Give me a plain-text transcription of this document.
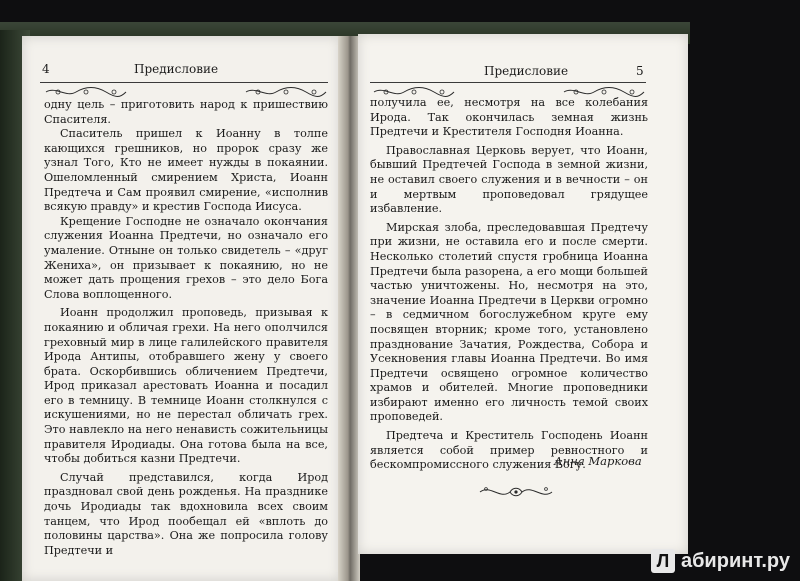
4	Предисловие

одну цель – приготовить народ к пришествию Спасителя.

Спаситель пришел к Иоанну в толпе кающихся грешников, но пророк сразу же узнал Того, Кто не имеет нужды в покаянии. Ошеломленный смирением Христа, Иоанн Предтеча и Сам проявил смирение, «исполнив всякую правду» и крестив Господа Иисуса.

Крещение Господне не означало окончания служения Иоанна Предтечи, но означало его умаление. Отныне он только свидетель – «друг Жениха», он призывает к покаянию, но не может дать прощения грехов – это дело Бога Слова воплощенного.

Иоанн продолжил проповедь, призывая к покаянию и обличая грехи. На него ополчился греховный мир в лице галилейского правителя Ирода Антипы, отобравшего жену у своего брата. Оскорбившись обличением Предтечи, Ирод приказал арестовать Иоанна и посадил его в темницу. В темнице Иоанн столкнулся с искушениями, но не перестал обличать грех. Это навлекло на него ненависть сожительницы правителя Иродиады. Она готова была на все, чтобы добиться казни Предтечи.

Случай представился, когда Ирод праздновал свой день рожденья. На празднике дочь Иродиады так вдохновила всех своим танцем, что Ирод пообещал ей «вплоть до половины царства». Она же попросила голову Предтечи и

Предисловие	5

получила ее, несмотря на все колебания Ирода. Так окончилась земная жизнь Предтечи и Крестителя Господня Иоанна.

Православная Церковь верует, что Иоанн, бывший Предтечей Господа в земной жизни, не оставил своего служения и в вечности – он и мертвым проповедовал грядущее избавление.

Мирская злоба, преследовавшая Предтечу при жизни, не оставила его и после смерти. Несколько столетий спустя гробница Иоанна Предтечи была разорена, а его мощи большей частью уничтожены. Но, несмотря на это, значение Иоанна Предтечи в Церкви огромно – в седмичном богослужебном круге ему посвящен вторник; кроме того, установлено празднование Зачатия, Рождества, Собора и Усекновения главы Иоанна Предтечи. Во имя Предтечи освящено огромное количество храмов и обителей. Многие проповедники избирают именно его личность темой своих проповедей.

Предтеча и Креститель Господень Иоанн является собой пример ревностного и бескомпромиссного служения Богу.

Анна Маркова
Л абиринт.ру
